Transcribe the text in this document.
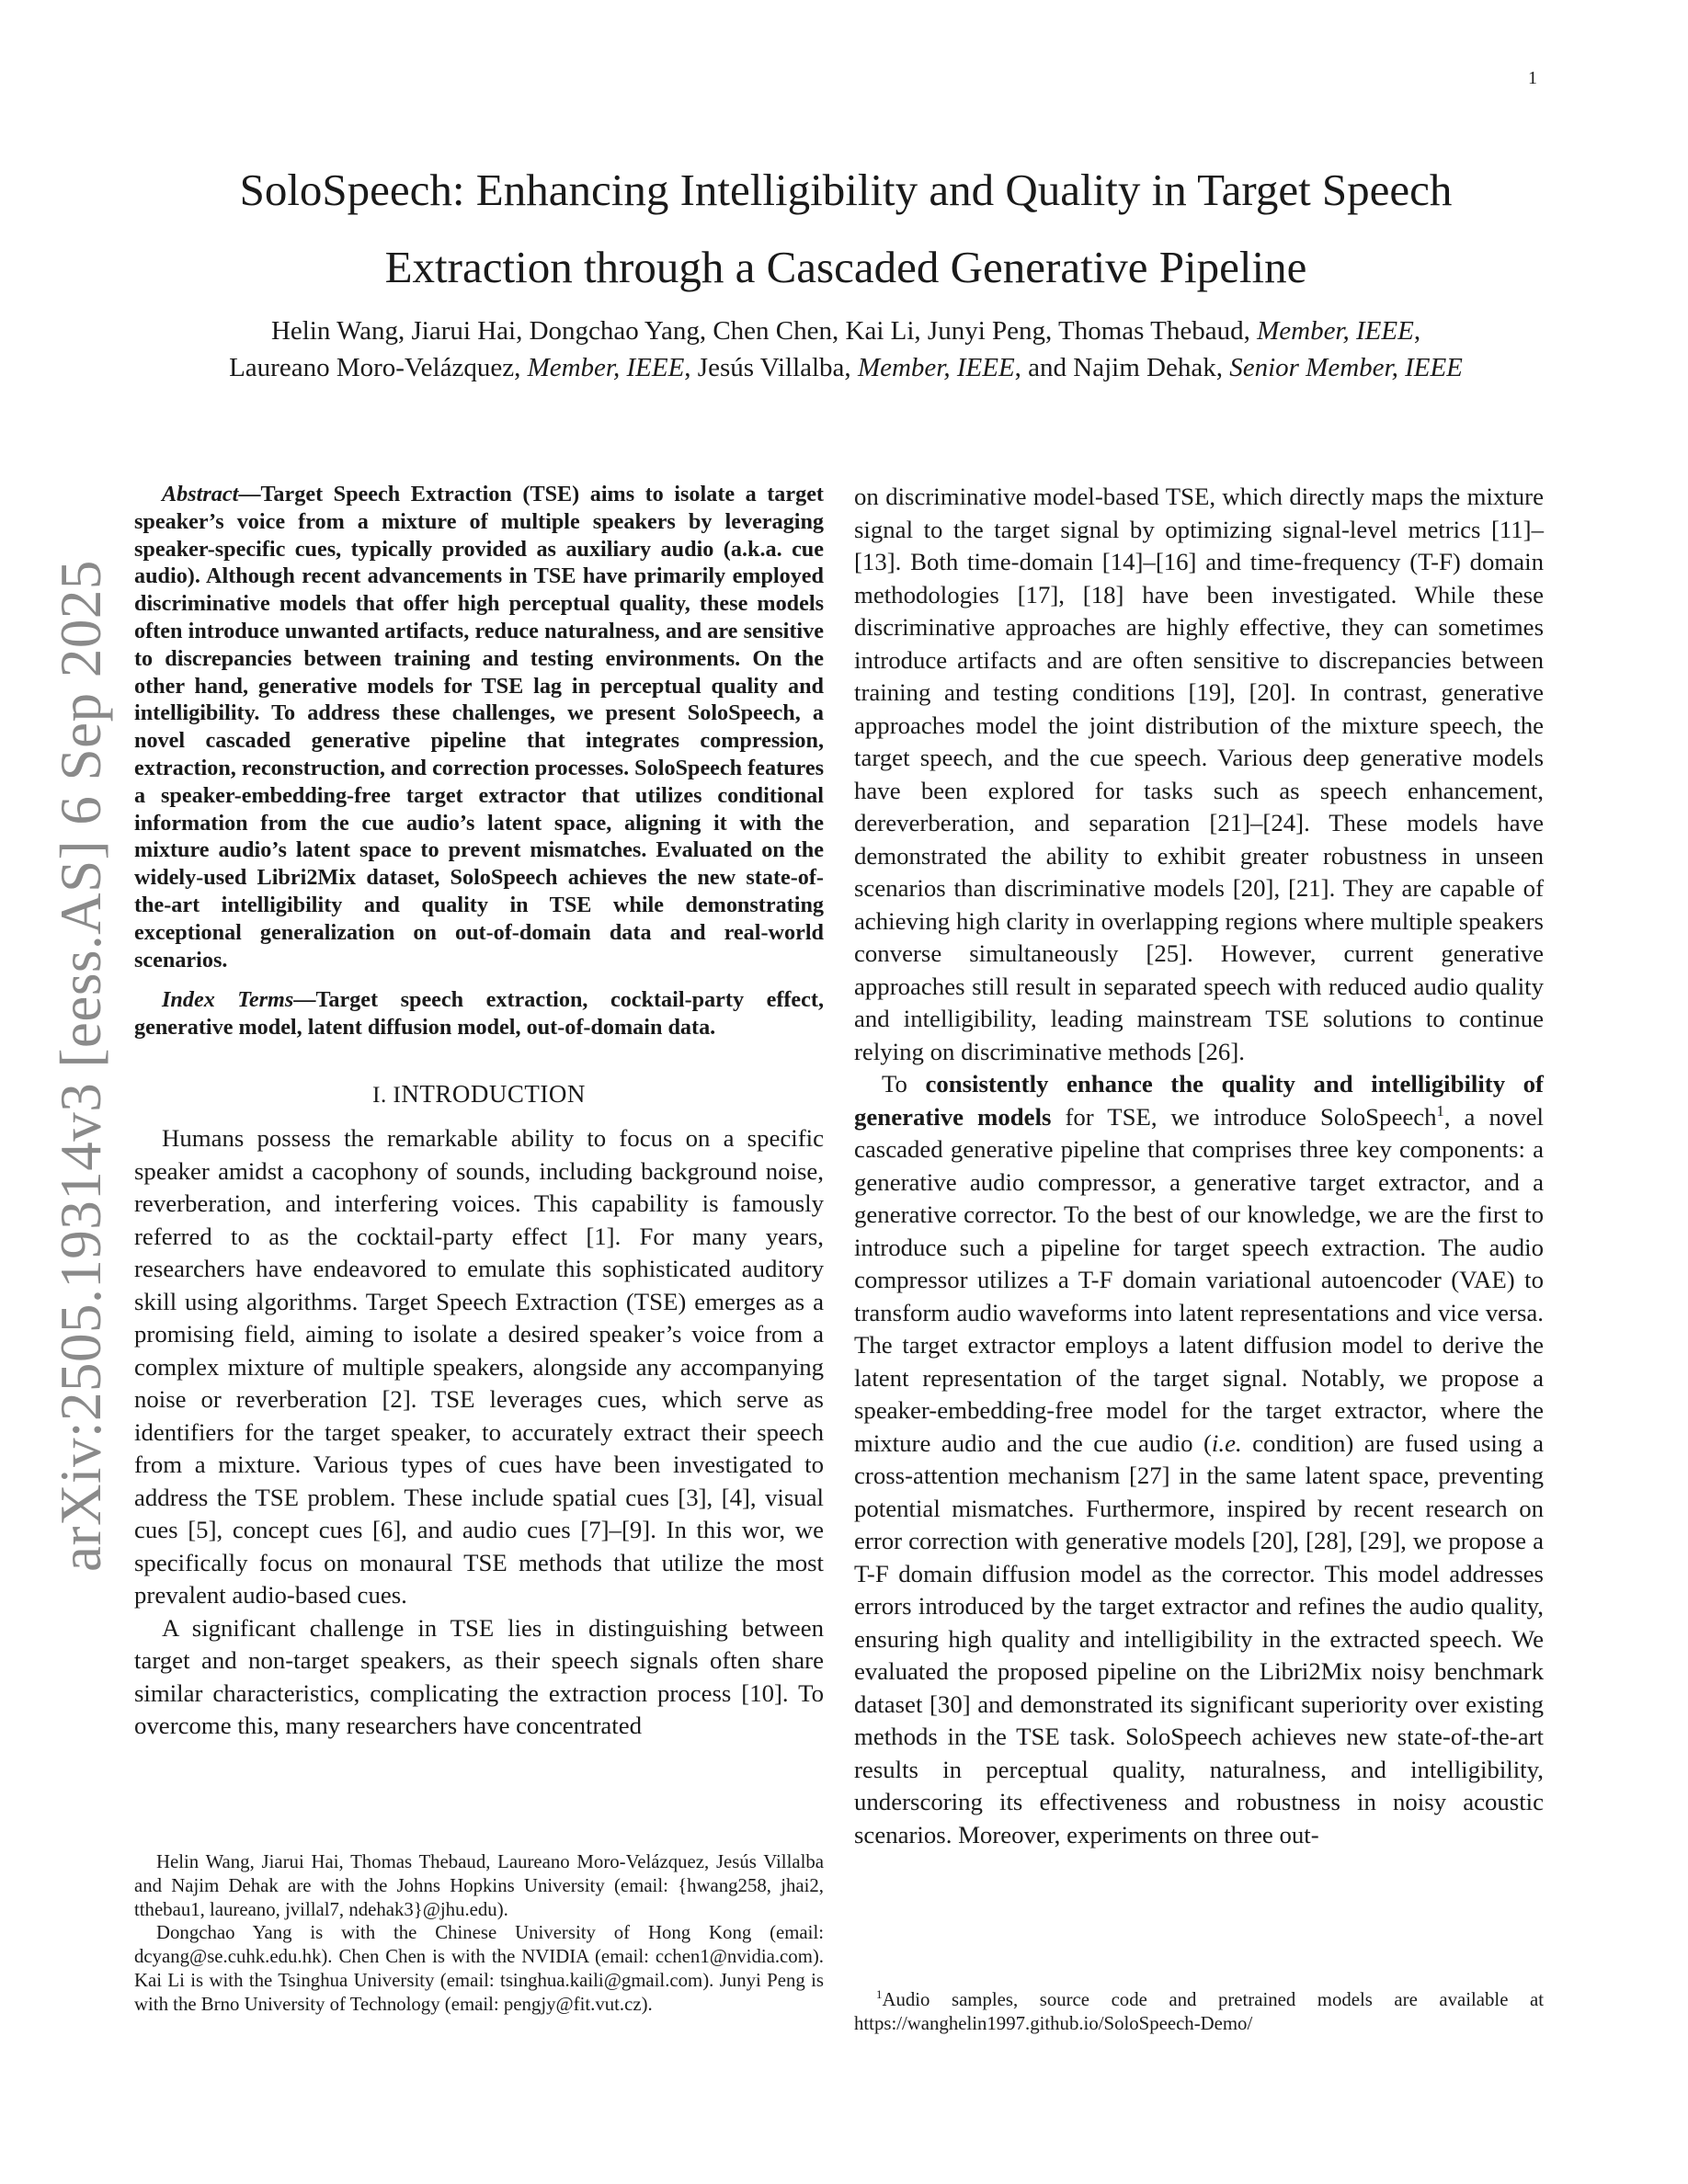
1
arXiv:2505.19314v3 [eess.AS] 6 Sep 2025
SoloSpeech: Enhancing Intelligibility and Quality in Target Speech
Extraction through a Cascaded Generative Pipeline

Helin Wang, Jiarui Hai, Dongchao Yang, Chen Chen, Kai Li, Junyi Peng, Thomas Thebaud, Member, IEEE,
Laureano Moro-Velázquez, Member, IEEE, Jesús Villalba, Member, IEEE, and Najim Dehak, Senior Member, IEEE

Abstract—Target Speech Extraction (TSE) aims to isolate a target speaker’s voice from a mixture of multiple speakers by leveraging speaker-specific cues, typically provided as auxiliary audio (a.k.a. cue audio). Although recent advancements in TSE have primarily employed discriminative models that offer high perceptual quality, these models often introduce unwanted artifacts, reduce naturalness, and are sensitive to discrepancies between training and testing environments. On the other hand, generative models for TSE lag in perceptual quality and intelligibility. To address these challenges, we present SoloSpeech, a novel cascaded generative pipeline that integrates compression, extraction, reconstruction, and correction processes. SoloSpeech features a speaker-embedding-free target extractor that utilizes conditional information from the cue audio’s latent space, aligning it with the mixture audio’s latent space to prevent mismatches. Evaluated on the widely-used Libri2Mix dataset, SoloSpeech achieves the new state-of-the-art intelligibility and quality in TSE while demonstrating exceptional generalization on out-of-domain data and real-world scenarios.

Index Terms—Target speech extraction, cocktail-party effect, generative model, latent diffusion model, out-of-domain data.

I. INTRODUCTION

Humans possess the remarkable ability to focus on a specific speaker amidst a cacophony of sounds, including background noise, reverberation, and interfering voices. This capability is famously referred to as the cocktail-party effect [1]. For many years, researchers have endeavored to emulate this sophisticated auditory skill using algorithms. Target Speech Extraction (TSE) emerges as a promising field, aiming to isolate a desired speaker’s voice from a complex mixture of multiple speakers, alongside any accompanying noise or reverberation [2]. TSE leverages cues, which serve as identifiers for the target speaker, to accurately extract their speech from a mixture. Various types of cues have been investigated to address the TSE problem. These include spatial cues [3], [4], visual cues [5], concept cues [6], and audio cues [7]–[9]. In this wor, we specifically focus on monaural TSE methods that utilize the most prevalent audio-based cues.

A significant challenge in TSE lies in distinguishing between target and non-target speakers, as their speech signals often share similar characteristics, complicating the extraction process [10]. To overcome this, many researchers have concentrated

on discriminative model-based TSE, which directly maps the mixture signal to the target signal by optimizing signal-level metrics [11]–[13]. Both time-domain [14]–[16] and time-frequency (T-F) domain methodologies [17], [18] have been investigated. While these discriminative approaches are highly effective, they can sometimes introduce artifacts and are often sensitive to discrepancies between training and testing conditions [19], [20]. In contrast, generative approaches model the joint distribution of the mixture speech, the target speech, and the cue speech. Various deep generative models have been explored for tasks such as speech enhancement, dereverberation, and separation [21]–[24]. These models have demonstrated the ability to exhibit greater robustness in unseen scenarios than discriminative models [20], [21]. They are capable of achieving high clarity in overlapping regions where multiple speakers converse simultaneously [25]. However, current generative approaches still result in separated speech with reduced audio quality and intelligibility, leading mainstream TSE solutions to continue relying on discriminative methods [26].

To consistently enhance the quality and intelligibility of generative models for TSE, we introduce SoloSpeech$^1$, a novel cascaded generative pipeline that comprises three key components: a generative audio compressor, a generative target extractor, and a generative corrector. To the best of our knowledge, we are the first to introduce such a pipeline for target speech extraction. The audio compressor utilizes a T-F domain variational autoencoder (VAE) to transform audio waveforms into latent representations and vice versa. The target extractor employs a latent diffusion model to derive the latent representation of the target signal. Notably, we propose a speaker-embedding-free model for the target extractor, where the mixture audio and the cue audio (i.e. condition) are fused using a cross-attention mechanism [27] in the same latent space, preventing potential mismatches. Furthermore, inspired by recent research on error correction with generative models [20], [28], [29], we propose a T-F domain diffusion model as the corrector. This model addresses errors introduced by the target extractor and refines the audio quality, ensuring high quality and intelligibility in the extracted speech. We evaluated the proposed pipeline on the Libri2Mix noisy benchmark dataset [30] and demonstrated its significant superiority over existing methods in the TSE task. SoloSpeech achieves new state-of-the-art results in perceptual quality, naturalness, and intelligibility, underscoring its effectiveness and robustness in noisy acoustic scenarios. Moreover, experiments on three out-

Helin Wang, Jiarui Hai, Thomas Thebaud, Laureano Moro-Velázquez, Jesús Villalba and Najim Dehak are with the Johns Hopkins University (email: {hwang258, jhai2, tthebau1, laureano, jvillal7, ndehak3}@jhu.edu).

Dongchao Yang is with the Chinese University of Hong Kong (email: dcyang@se.cuhk.edu.hk). Chen Chen is with the NVIDIA (email: cchen1@nvidia.com). Kai Li is with the Tsinghua University (email: tsinghua.kaili@gmail.com). Junyi Peng is with the Brno University of Technology (email: pengjy@fit.vut.cz).	$^1$Audio samples, source code and pretrained models are available at https://wanghelin1997.github.io/SoloSpeech-Demo/
